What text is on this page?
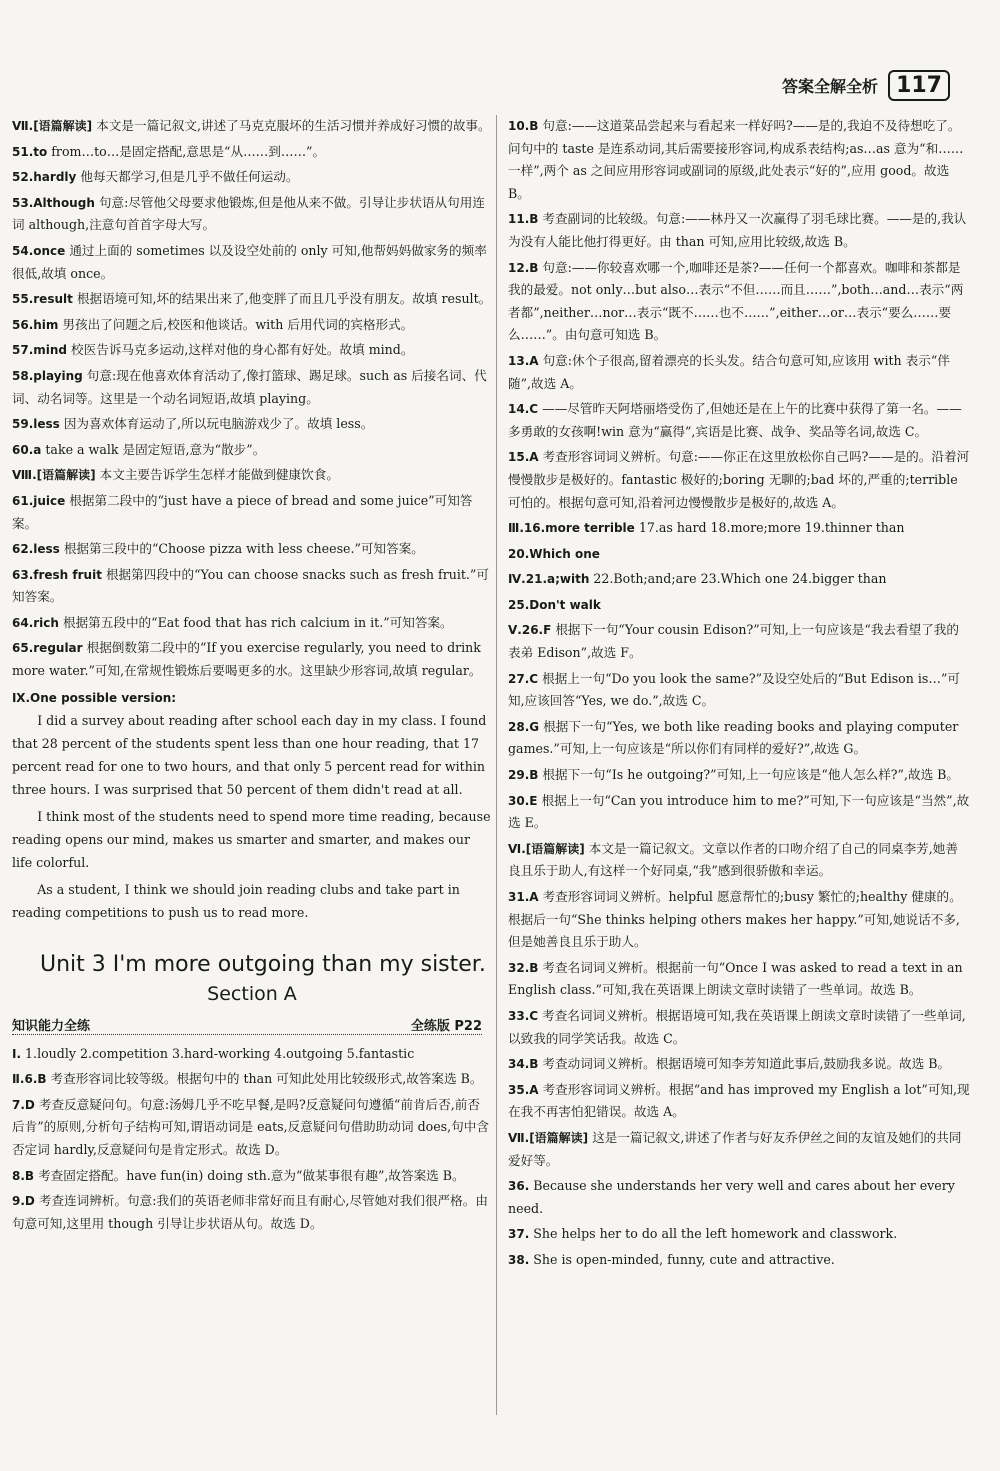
答案全解全析 117

Ⅶ.[语篇解读] 本文是一篇记叙文,讲述了马克克服坏的生活习惯并养成好习惯的故事。

51.to from…to…是固定搭配,意思是“从……到……”。

52.hardly 他每天都学习,但是几乎不做任何运动。

53.Although 句意:尽管他父母要求他锻炼,但是他从来不做。引导让步状语从句用连词 although,注意句首首字母大写。

54.once 通过上面的 sometimes 以及设空处前的 only 可知,他帮妈妈做家务的频率很低,故填 once。

55.result 根据语境可知,坏的结果出来了,他变胖了而且几乎没有朋友。故填 result。

56.him 男孩出了问题之后,校医和他谈话。with 后用代词的宾格形式。

57.mind 校医告诉马克多运动,这样对他的身心都有好处。故填 mind。

58.playing 句意:现在他喜欢体育活动了,像打篮球、踢足球。such as 后接名词、代词、动名词等。这里是一个动名词短语,故填 playing。

59.less 因为喜欢体育运动了,所以玩电脑游戏少了。故填 less。

60.a take a walk 是固定短语,意为“散步”。

Ⅷ.[语篇解读] 本文主要告诉学生怎样才能做到健康饮食。

61.juice 根据第二段中的“just have a piece of bread and some juice”可知答案。

62.less 根据第三段中的“Choose pizza with less cheese.”可知答案。

63.fresh fruit 根据第四段中的“You can choose snacks such as fresh fruit.”可知答案。

64.rich 根据第五段中的“Eat food that has rich calcium in it.”可知答案。

65.regular 根据倒数第二段中的“If you exercise regularly, you need to drink more water.”可知,在常规性锻炼后要喝更多的水。这里缺少形容词,故填 regular。

Ⅸ.One possible version:

I did a survey about reading after school each day in my class. I found that 28 percent of the students spent less than one hour reading, that 17 percent read for one to two hours, and that only 5 percent read for within three hours. I was surprised that 50 percent of them didn't read at all.

I think most of the students need to spend more time reading, because reading opens our mind, makes us smarter and smarter, and makes our life colorful.

As a student, I think we should join reading clubs and take part in reading competitions to push us to read more.

Unit 3 I'm more outgoing than my sister.
Section A
知识能力全练	全练版 P22

Ⅰ. 1.loudly 2.competition 3.hard-working 4.outgoing 5.fantastic

Ⅱ.6.B 考查形容词比较等级。根据句中的 than 可知此处用比较级形式,故答案选 B。

7.D 考查反意疑问句。句意:汤姆几乎不吃早餐,是吗?反意疑问句遵循“前肯后否,前否后肯”的原则,分析句子结构可知,谓语动词是 eats,反意疑问句借助助动词 does,句中含否定词 hardly,反意疑问句是肯定形式。故选 D。

8.B 考查固定搭配。have fun(in) doing sth.意为“做某事很有趣”,故答案选 B。

9.D 考查连词辨析。句意:我们的英语老师非常好而且有耐心,尽管她对我们很严格。由句意可知,这里用 though 引导让步状语从句。故选 D。

10.B 句意:——这道菜品尝起来与看起来一样好吗?——是的,我迫不及待想吃了。问句中的 taste 是连系动词,其后需要接形容词,构成系表结构;as…as 意为“和……一样”,两个 as 之间应用形容词或副词的原级,此处表示“好的”,应用 good。故选 B。

11.B 考查副词的比较级。句意:——林丹又一次赢得了羽毛球比赛。——是的,我认为没有人能比他打得更好。由 than 可知,应用比较级,故选 B。

12.B 句意:——你较喜欢哪一个,咖啡还是茶?——任何一个都喜欢。咖啡和茶都是我的最爱。not only…but also…表示“不但……而且……”,both…and…表示“两者都”,neither…nor…表示“既不……也不……”,either…or…表示“要么……要么……”。由句意可知选 B。

13.A 句意:休个子很高,留着漂亮的长头发。结合句意可知,应该用 with 表示“伴随”,故选 A。

14.C ——尽管昨天阿塔丽塔受伤了,但她还是在上午的比赛中获得了第一名。——多勇敢的女孩啊!win 意为“赢得”,宾语是比赛、战争、奖品等名词,故选 C。

15.A 考查形容词词义辨析。句意:——你正在这里放松你自己吗?——是的。沿着河慢慢散步是极好的。fantastic 极好的;boring 无聊的;bad 坏的,严重的;terrible 可怕的。根据句意可知,沿着河边慢慢散步是极好的,故选 A。

Ⅲ.16.more terrible 17.as hard 18.more;more 19.thinner than

20.Which one

Ⅳ.21.a;with 22.Both;and;are 23.Which one 24.bigger than

25.Don't walk

Ⅴ.26.F 根据下一句“Your cousin Edison?”可知,上一句应该是“我去看望了我的表弟 Edison”,故选 F。

27.C 根据上一句“Do you look the same?”及设空处后的“But Edison is…”可知,应该回答“Yes, we do.”,故选 C。

28.G 根据下一句“Yes, we both like reading books and playing computer games.”可知,上一句应该是“所以你们有同样的爱好?”,故选 G。

29.B 根据下一句“Is he outgoing?”可知,上一句应该是“他人怎么样?”,故选 B。

30.E 根据上一句“Can you introduce him to me?”可知,下一句应该是“当然”,故选 E。

Ⅵ.[语篇解读] 本文是一篇记叙文。文章以作者的口吻介绍了自己的同桌李芳,她善良且乐于助人,有这样一个好同桌,“我”感到很骄傲和幸运。

31.A 考查形容词词义辨析。helpful 愿意帮忙的;busy 繁忙的;healthy 健康的。根据后一句“She thinks helping others makes her happy.”可知,她说话不多,但是她善良且乐于助人。

32.B 考查名词词义辨析。根据前一句“Once I was asked to read a text in an English class.”可知,我在英语课上朗读文章时读错了一些单词。故选 B。

33.C 考查名词词义辨析。根据语境可知,我在英语课上朗读文章时读错了一些单词,以致我的同学笑话我。故选 C。

34.B 考查动词词义辨析。根据语境可知李芳知道此事后,鼓励我多说。故选 B。

35.A 考查形容词词义辨析。根据“and has improved my English a lot”可知,现在我不再害怕犯错误。故选 A。

Ⅶ.[语篇解读] 这是一篇记叙文,讲述了作者与好友乔伊丝之间的友谊及她们的共同爱好等。

36. Because she understands her very well and cares about her every need.

37. She helps her to do all the left homework and classwork.

38. She is open-minded, funny, cute and attractive.
